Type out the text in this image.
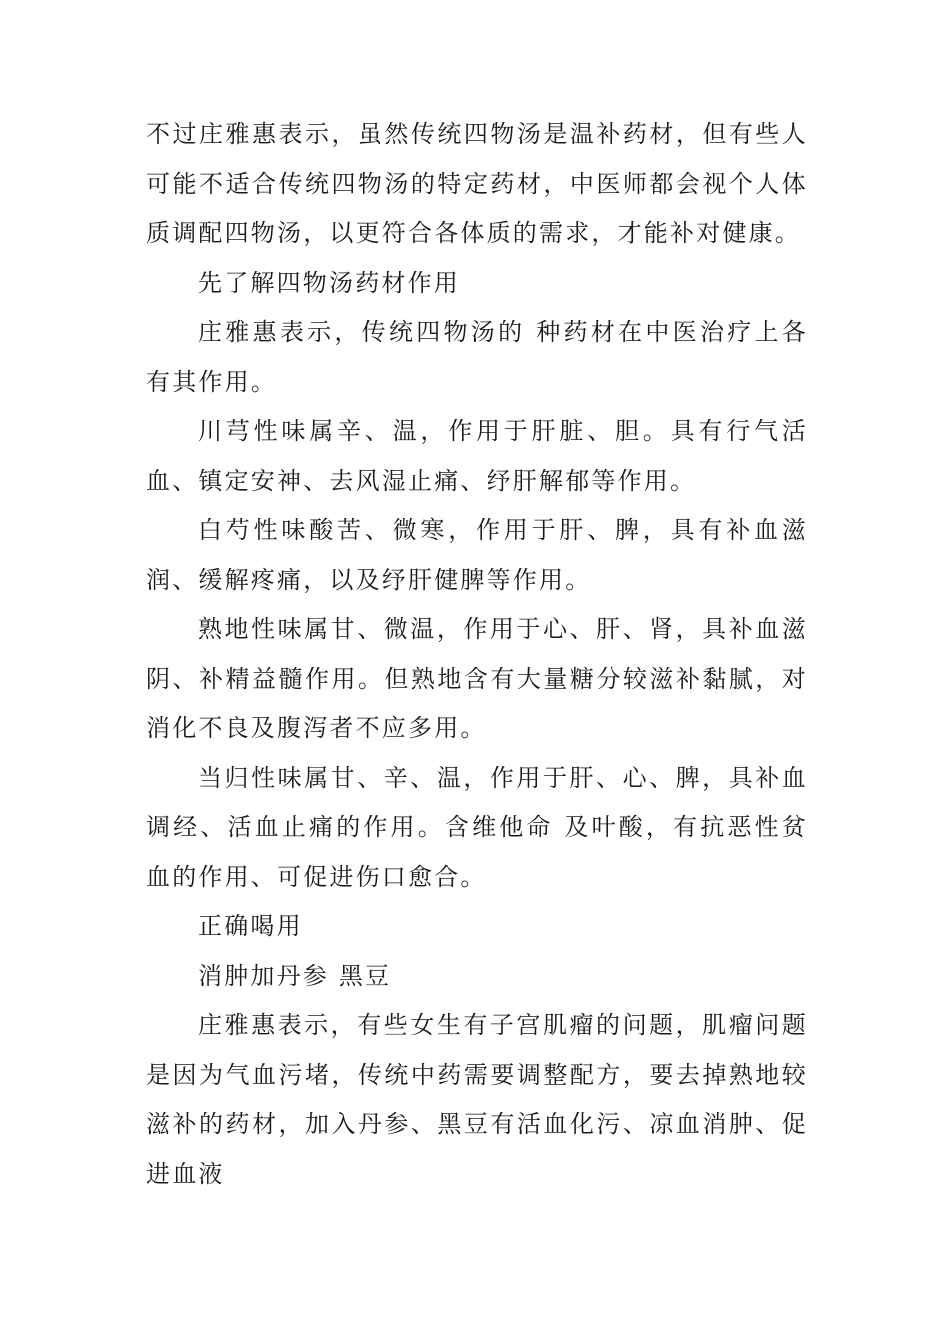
不过庄雅惠表示，虽然传统四物汤是温补药材，但有些人可能不适合传统四物汤的特定药材，中医师都会视个人体质调配四物汤，以更符合各体质的需求，才能补对健康。

先了解四物汤药材作用

庄雅惠表示，传统四物汤的 种药材在中医治疗上各有其作用。

川芎性味属辛、温，作用于肝脏、胆。具有行气活血、镇定安神、去风湿止痛、纾肝解郁等作用。

白芍性味酸苦、微寒，作用于肝、脾，具有补血滋润、缓解疼痛，以及纾肝健脾等作用。

熟地性味属甘、微温，作用于心、肝、肾，具补血滋阴、补精益髓作用。但熟地含有大量糖分较滋补黏腻，对消化不良及腹泻者不应多用。

当归性味属甘、辛、温，作用于肝、心、脾，具补血调经、活血止痛的作用。含维他命 及叶酸，有抗恶性贫血的作用、可促进伤口愈合。

正确喝用

消肿加丹参 黑豆

庄雅惠表示，有些女生有子宫肌瘤的问题，肌瘤问题是因为气血污堵，传统中药需要调整配方，要去掉熟地较滋补的药材，加入丹参、黑豆有活血化污、凉血消肿、促进血液
